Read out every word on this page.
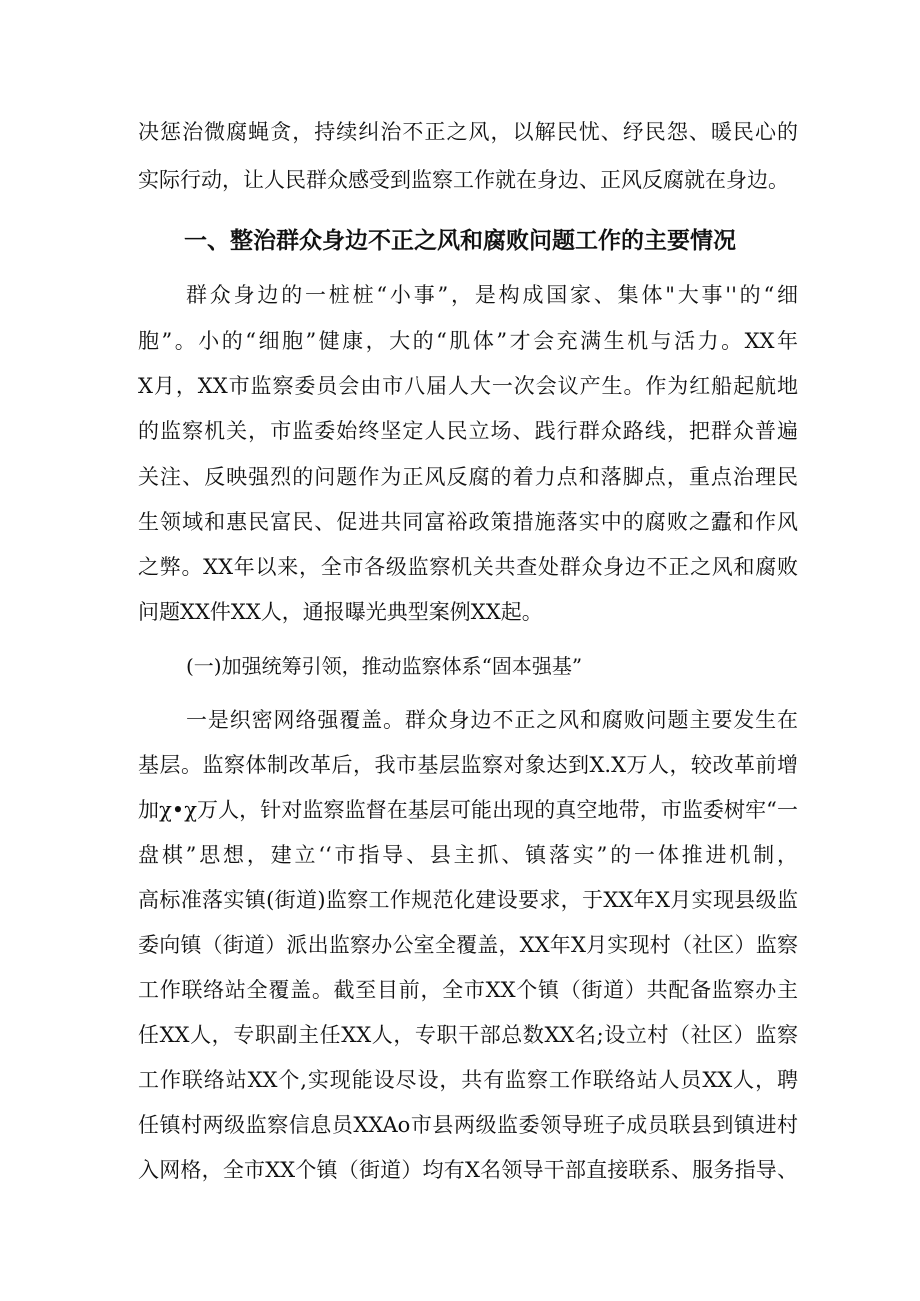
决惩治微腐蝇贪，持续纠治不正之风，以解民忧、纾民怨、暖民心的
实际行动，让人民群众感受到监察工作就在身边、正风反腐就在身边。
一、整治群众身边不正之风和腐败问题工作的主要情况
群众身边的一桩桩“小事”，是构成国家、集体"大事''的“细
胞”。小的“细胞”健康，大的“肌体”才会充满生机与活力。XX年
X月，XX市监察委员会由市八届人大一次会议产生。作为红船起航地
的监察机关，市监委始终坚定人民立场、践行群众路线，把群众普遍
关注、反映强烈的问题作为正风反腐的着力点和落脚点，重点治理民
生领域和惠民富民、促进共同富裕政策措施落实中的腐败之蠹和作风
之弊。XX年以来，全市各级监察机关共查处群众身边不正之风和腐败
问题XX件XX人，通报曝光典型案例XX起。
(一)加强统筹引领，推动监察体系“固本强基”
一是织密网络强覆盖。群众身边不正之风和腐败问题主要发生在
基层。监察体制改革后，我市基层监察对象达到X.X万人，较改革前增
加χ•χ万人，针对监察监督在基层可能出现的真空地带，市监委树牢“一
盘棋”思想，建立‘‘市指导、县主抓、镇落实”的一体推进机制，
高标准落实镇(街道)监察工作规范化建设要求，于XX年X月实现县级监
委向镇（街道）派出监察办公室全覆盖，XX年X月实现村（社区）监察
工作联络站全覆盖。截至目前，全市XX个镇（街道）共配备监察办主
任XX人，专职副主任XX人，专职干部总数XX名;设立村（社区）监察
工作联络站XX个,实现能设尽设，共有监察工作联络站人员XX人，聘
任镇村两级监察信息员XXAo市县两级监委领导班子成员联县到镇进村
入网格，全市XX个镇（街道）均有X名领导干部直接联系、服务指导、
